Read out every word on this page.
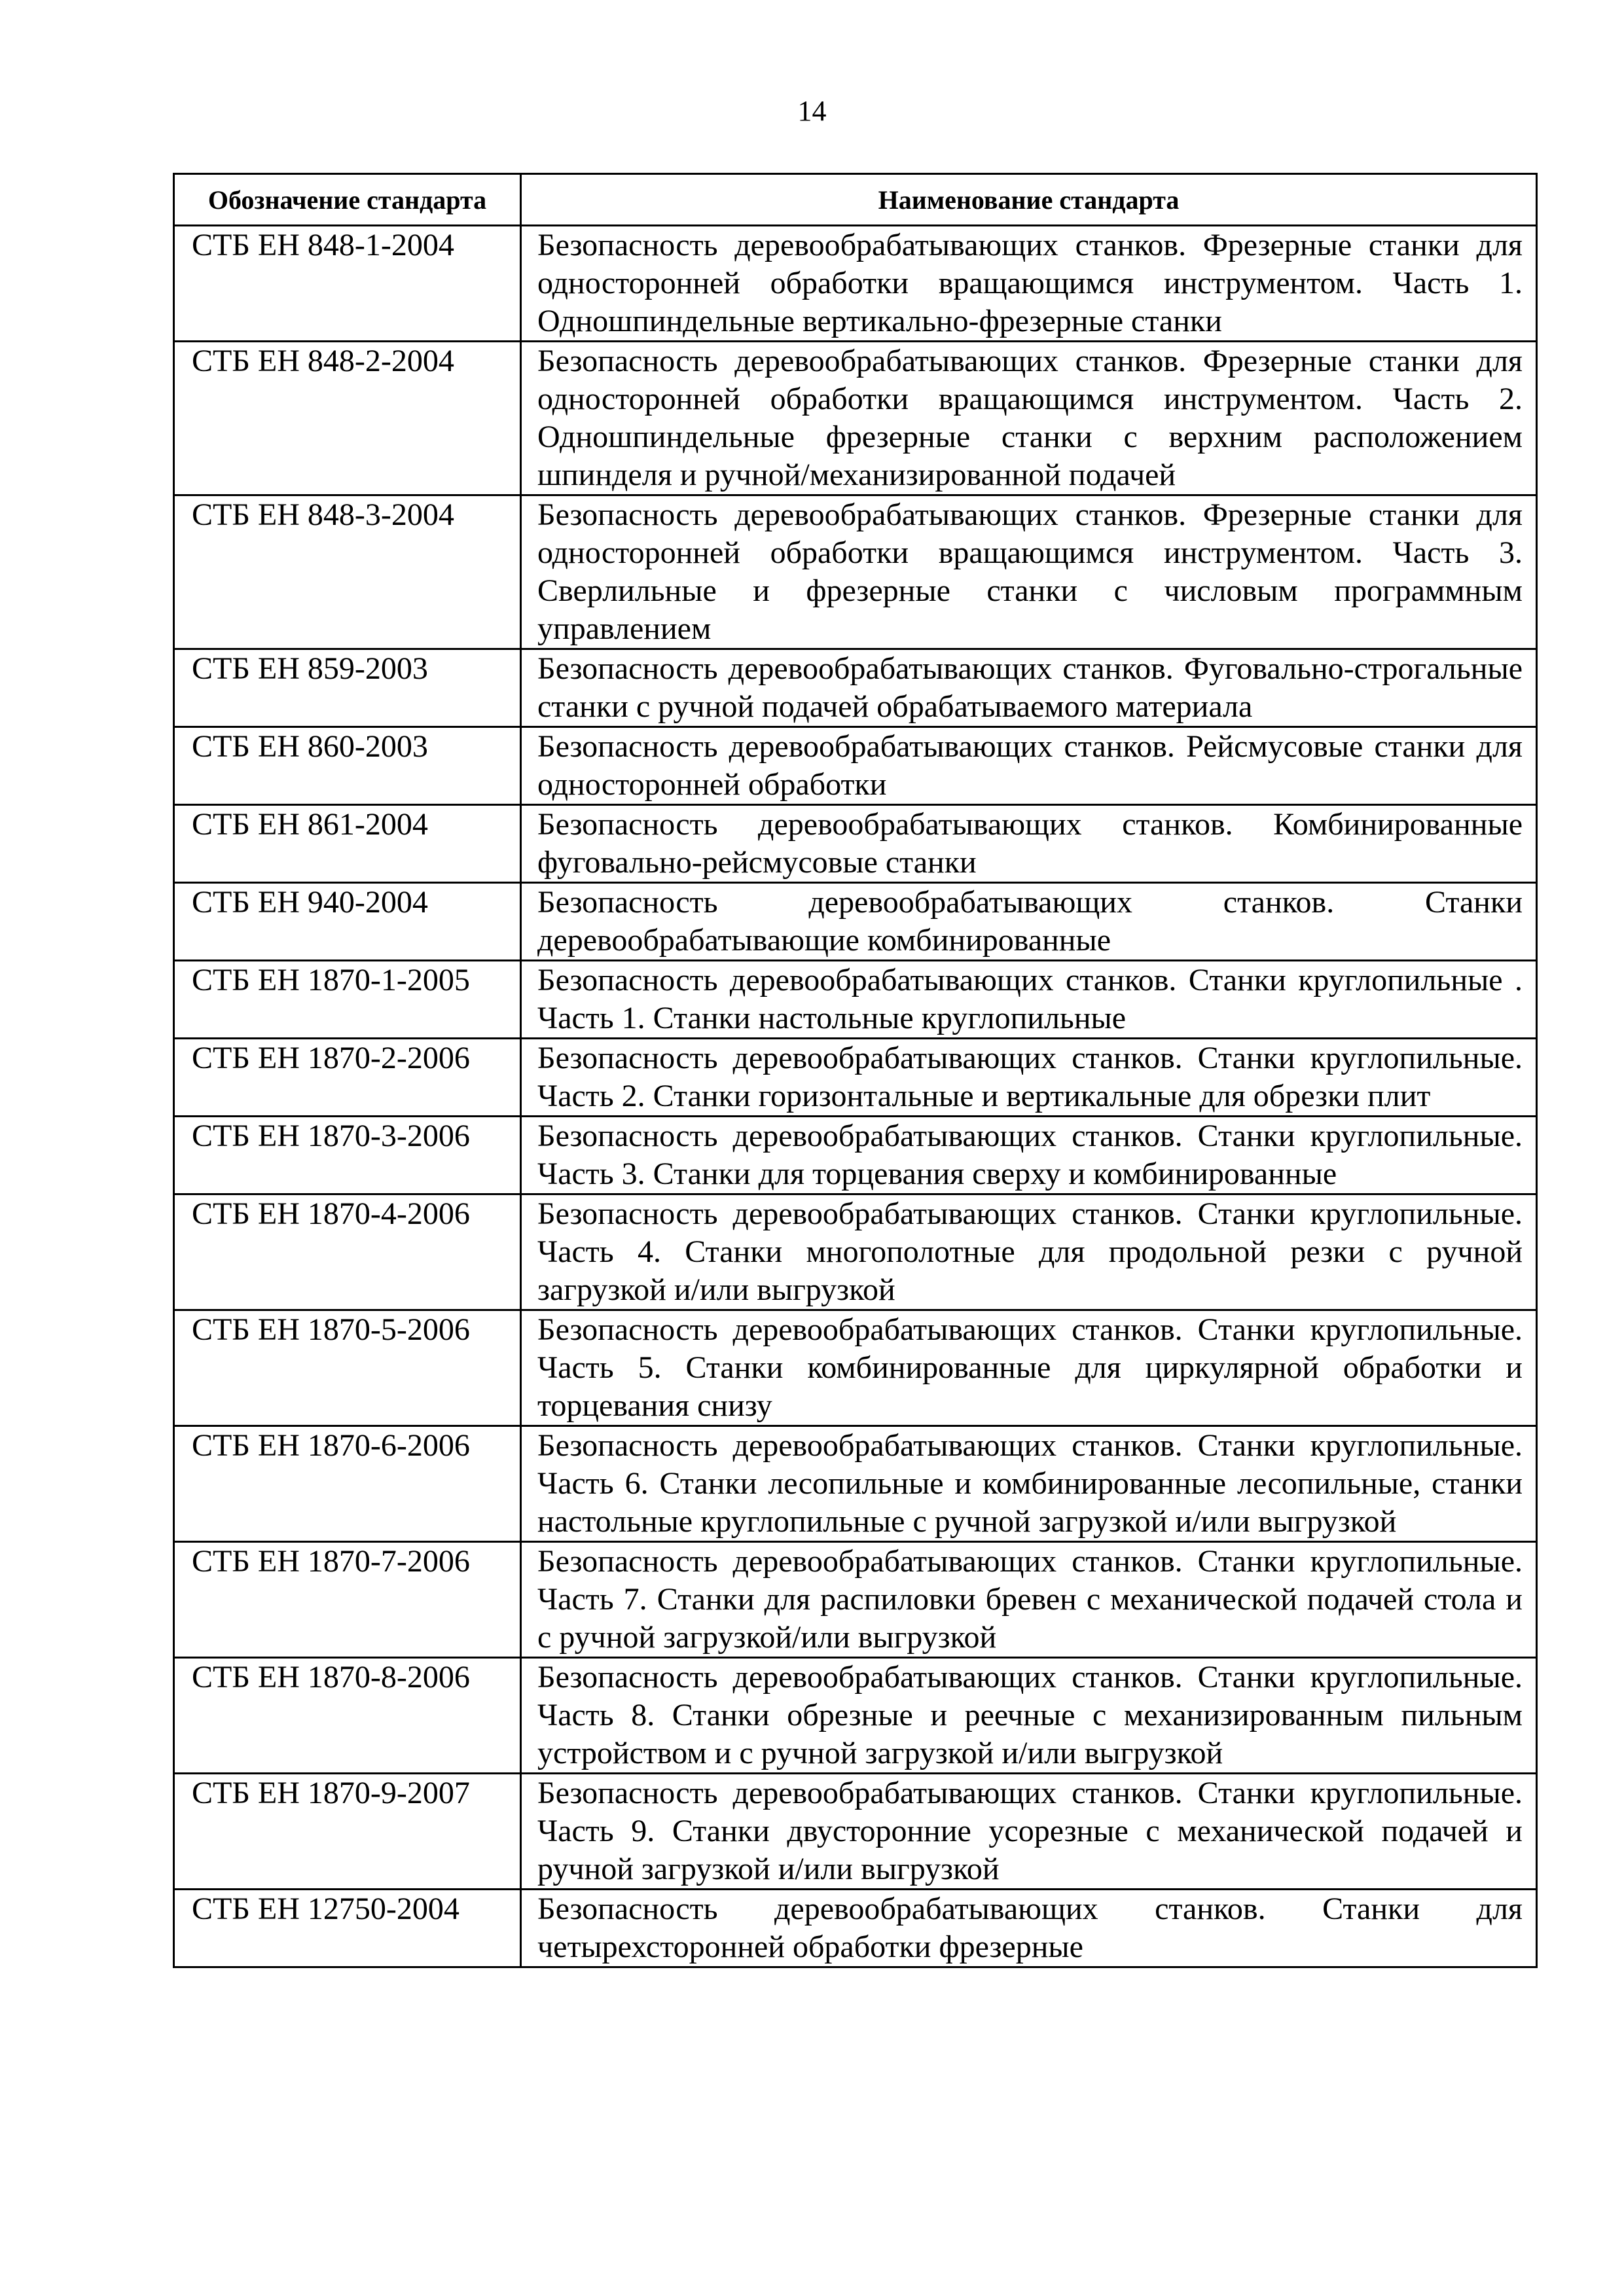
14
Обозначение стандарта	Наименование стандарта
СТБ ЕН 848-1-2004	Безопасность деревообрабатывающих станков. Фрезерные станки для односторонней обработки вращающимся инструментом. Часть 1. Одношпиндельные вертикально-фрезерные станки
СТБ ЕН 848-2-2004	Безопасность деревообрабатывающих станков. Фрезерные станки для односторонней обработки вращающимся инструментом. Часть 2. Одношпиндельные фрезерные станки с верхним расположением шпинделя и ручной/механизированной подачей
СТБ ЕН 848-3-2004	Безопасность деревообрабатывающих станков. Фрезерные станки для односторонней обработки вращающимся инструментом. Часть 3. Сверлильные и фрезерные станки с числовым программным управлением
СТБ ЕН 859-2003	Безопасность деревообрабатывающих станков. Фуговально-строгальные станки с ручной подачей обрабатываемого материала
СТБ ЕН 860-2003	Безопасность деревообрабатывающих станков. Рейсмусовые станки для односторонней обработки
СТБ ЕН 861-2004	Безопасность деревообрабатывающих станков. Комбинированные фуговально-рейсмусовые станки
СТБ ЕН 940-2004	Безопасность деревообрабатывающих станков. Станки деревообрабатывающие комбинированные
СТБ ЕН 1870-1-2005	Безопасность деревообрабатывающих станков. Станки круглопильные . Часть 1. Станки настольные круглопильные
СТБ ЕН 1870-2-2006	Безопасность деревообрабатывающих станков. Станки круглопильные. Часть 2. Станки горизонтальные и вертикальные для обрезки плит
СТБ ЕН 1870-3-2006	Безопасность деревообрабатывающих станков. Станки круглопильные. Часть 3. Станки для торцевания сверху и комбинированные
СТБ ЕН 1870-4-2006	Безопасность деревообрабатывающих станков. Станки круглопильные. Часть 4. Станки многополотные для продольной резки с ручной загрузкой и/или выгрузкой
СТБ ЕН 1870-5-2006	Безопасность деревообрабатывающих станков. Станки круглопильные. Часть 5. Станки комбинированные для циркулярной обработки и торцевания снизу
СТБ ЕН 1870-6-2006	Безопасность деревообрабатывающих станков. Станки круглопильные. Часть 6. Станки лесопильные и комбинированные лесопильные, станки настольные круглопильные с ручной загрузкой и/или выгрузкой
СТБ ЕН 1870-7-2006	Безопасность деревообрабатывающих станков. Станки круглопильные. Часть 7. Станки для распиловки бревен с механической подачей стола и с ручной загрузкой/или выгрузкой
СТБ ЕН 1870-8-2006	Безопасность деревообрабатывающих станков. Станки круглопильные. Часть 8. Станки обрезные и реечные с механизированным пильным устройством и с ручной загрузкой и/или выгрузкой
СТБ ЕН 1870-9-2007	Безопасность деревообрабатывающих станков. Станки круглопильные. Часть 9. Станки двусторонние усорезные с механической подачей и ручной загрузкой и/или выгрузкой
СТБ ЕН 12750-2004	Безопасность деревообрабатывающих станков. Станки для четырехсторонней обработки фрезерные
